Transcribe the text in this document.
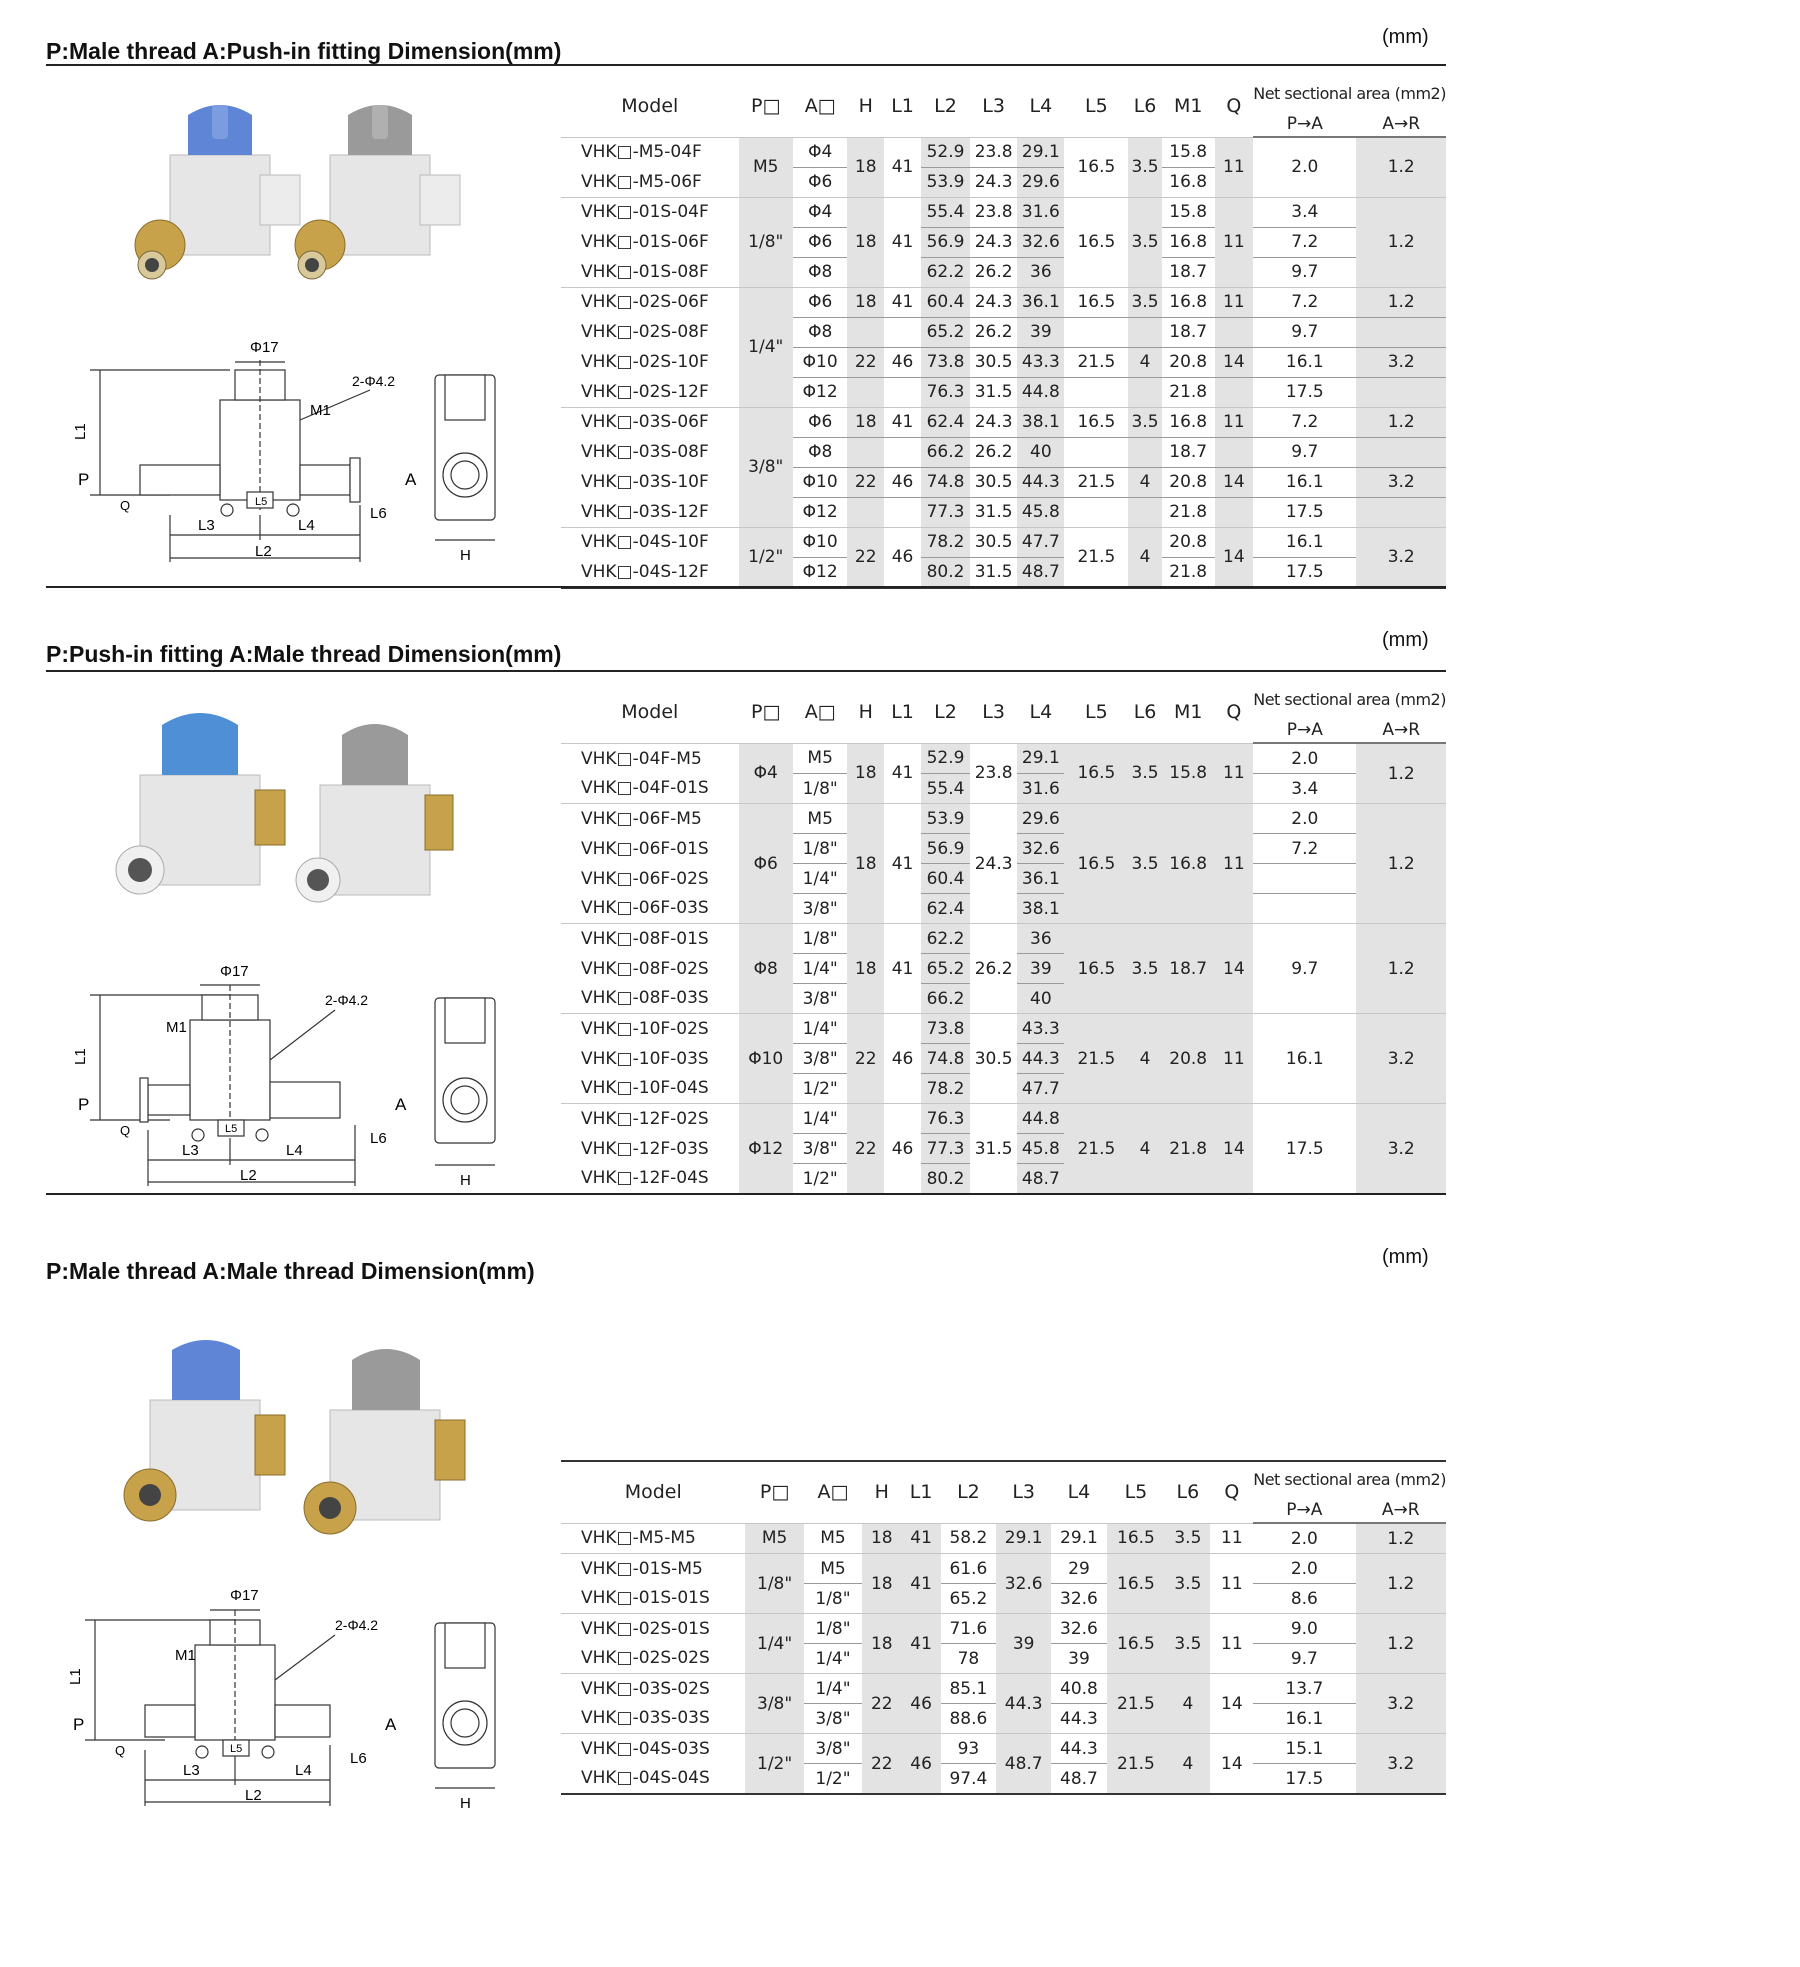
P:Male thread A:Push-in fitting Dimension(mm)
(mm)
Φ17
2-Φ4.2
M1
L1
P	A
Q
L3	L4
L5
L6
L2	H
Model	P□	A□	H	L1	L2	L3	L4	L5	L6	M1	Q	Net sectional area (mm2)	
												P→A	A→R
VHK□-M5-04F	M5	Φ4	18	41	52.9	23.8	29.1	16.5	3.5	15.8	11	2.0	1.2
VHK□-M5-06F		Φ6			53.9	24.3	29.6			16.8			
VHK□-01S-04F	1/8"	Φ4	18	41	55.4	23.8	31.6	16.5	3.5	15.8	11	3.4	1.2
VHK□-01S-06F		Φ6			56.9	24.3	32.6			16.8		7.2	
VHK□-01S-08F		Φ8			62.2	26.2	36			18.7		9.7	
VHK□-02S-06F	1/4"	Φ6	18	41	60.4	24.3	36.1	16.5	3.5	16.8	11	7.2	1.2
VHK□-02S-08F		Φ8			65.2	26.2	39			18.7		9.7	
VHK□-02S-10F		Φ10	22	46	73.8	30.5	43.3	21.5	4	20.8	14	16.1	3.2
VHK□-02S-12F		Φ12			76.3	31.5	44.8			21.8		17.5	
VHK□-03S-06F	3/8"	Φ6	18	41	62.4	24.3	38.1	16.5	3.5	16.8	11	7.2	1.2
VHK□-03S-08F		Φ8			66.2	26.2	40			18.7		9.7	
VHK□-03S-10F		Φ10	22	46	74.8	30.5	44.3	21.5	4	20.8	14	16.1	3.2
VHK□-03S-12F		Φ12			77.3	31.5	45.8			21.8		17.5	
VHK□-04S-10F	1/2"	Φ10	22	46	78.2	30.5	47.7	21.5	4	20.8	14	16.1	3.2
VHK□-04S-12F		Φ12			80.2	31.5	48.7			21.8		17.5	
P:Push-in fitting A:Male thread Dimension(mm)
(mm)
Φ17
2-Φ4.2
M1
L1
P	A
Q
L3	L4
L5
L6
L2	H
Model	P□	A□	H	L1	L2	L3	L4	L5	L6	M1	Q	Net sectional area (mm2)	
												P→A	A→R
VHK□-04F-M5	Φ4	M5	18	41	52.9	23.8	29.1	16.5	3.5	15.8	11	2.0	1.2
VHK□-04F-01S		1/8"			55.4		31.6					3.4	
VHK□-06F-M5	Φ6	M5	18	41	53.9	24.3	29.6	16.5	3.5	16.8	11	2.0	1.2
VHK□-06F-01S		1/8"			56.9		32.6					7.2	
VHK□-06F-02S		1/4"			60.4		36.1						
VHK□-06F-03S		3/8"			62.4		38.1						
VHK□-08F-01S	Φ8	1/8"	18	41	62.2	26.2	36	16.5	3.5	18.7	14	9.7	1.2
VHK□-08F-02S		1/4"			65.2		39						
VHK□-08F-03S		3/8"			66.2		40						
VHK□-10F-02S	Φ10	1/4"	22	46	73.8	30.5	43.3	21.5	4	20.8	11	16.1	3.2
VHK□-10F-03S		3/8"			74.8		44.3						
VHK□-10F-04S		1/2"			78.2		47.7						
VHK□-12F-02S	Φ12	1/4"	22	46	76.3	31.5	44.8	21.5	4	21.8	14	17.5	3.2
VHK□-12F-03S		3/8"			77.3		45.8						
VHK□-12F-04S		1/2"			80.2		48.7						
P:Male thread A:Male thread Dimension(mm)
(mm)
Φ17
2-Φ4.2
M1
L1
P	A
Q
L3	L4
L5
L6
L2	H
Model	P□	A□	H	L1	L2	L3	L4	L5	L6	Q	Net sectional area (mm2)	
											P→A	A→R
VHK□-M5-M5	M5	M5	18	41	58.2	29.1	29.1	16.5	3.5	11	2.0	1.2
VHK□-01S-M5	1/8"	M5	18	41	61.6	32.6	29	16.5	3.5	11	2.0	1.2
VHK□-01S-01S		1/8"			65.2		32.6				8.6	
VHK□-02S-01S	1/4"	1/8"	18	41	71.6	39	32.6	16.5	3.5	11	9.0	1.2
VHK□-02S-02S		1/4"			78		39				9.7	
VHK□-03S-02S	3/8"	1/4"	22	46	85.1	44.3	40.8	21.5	4	14	13.7	3.2
VHK□-03S-03S		3/8"			88.6		44.3				16.1	
VHK□-04S-03S	1/2"	3/8"	22	46	93	48.7	44.3	21.5	4	14	15.1	3.2
VHK□-04S-04S		1/2"			97.4		48.7				17.5	
